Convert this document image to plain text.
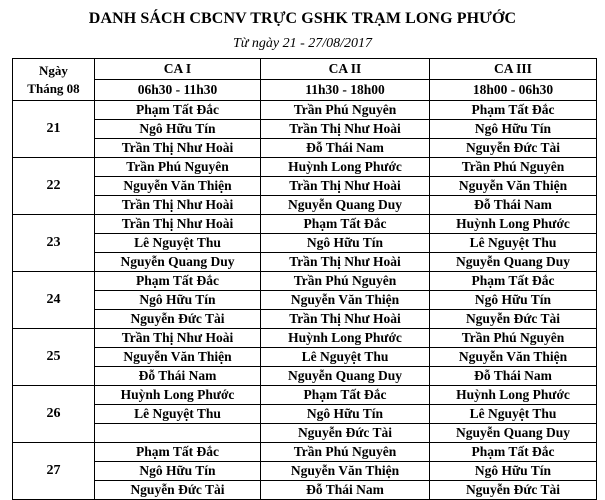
DANH SÁCH CBCNV TRỰC GSHK TRẠM LONG PHƯỚC
Từ ngày 21 - 27/08/2017
Ngày
Tháng 08	CA I	CA II	CA III
	06h30 - 11h30	11h30 - 18h00	18h00 - 06h30
21	Phạm Tất Đắc	Trần Phú Nguyên	Phạm Tất Đắc
	Ngô Hữu Tín	Trần Thị Như Hoài	Ngô Hữu Tín
	Trần Thị Như Hoài	Đỗ Thái Nam	Nguyễn Đức Tài
22	Trần Phú Nguyên	Huỳnh Long Phước	Trần Phú Nguyên
	Nguyễn Văn Thiện	Trần Thị Như Hoài	Nguyễn Văn Thiện
	Trần Thị Như Hoài	Nguyễn Quang Duy	Đỗ Thái Nam
23	Trần Thị Như Hoài	Phạm Tất Đắc	Huỳnh Long Phước
	Lê Nguyệt Thu	Ngô Hữu Tín	Lê Nguyệt Thu
	Nguyễn Quang Duy	Trần Thị Như Hoài	Nguyễn Quang Duy
24	Phạm Tất Đắc	Trần Phú Nguyên	Phạm Tất Đắc
	Ngô Hữu Tín	Nguyễn Văn Thiện	Ngô Hữu Tín
	Nguyễn Đức Tài	Trần Thị Như Hoài	Nguyễn Đức Tài
25	Trần Thị Như Hoài	Huỳnh Long Phước	Trần Phú Nguyên
	Nguyễn Văn Thiện	Lê Nguyệt Thu	Nguyễn Văn Thiện
	Đỗ Thái Nam	Nguyễn Quang Duy	Đỗ Thái Nam
26	Huỳnh Long Phước	Phạm Tất Đắc	Huỳnh Long Phước
	Lê Nguyệt Thu	Ngô Hữu Tín	Lê Nguyệt Thu
		Nguyễn Đức Tài	Nguyễn Quang Duy
27	Phạm Tất Đắc	Trần Phú Nguyên	Phạm Tất Đắc
	Ngô Hữu Tín	Nguyễn Văn Thiện	Ngô Hữu Tín
	Nguyễn Đức Tài	Đỗ Thái Nam	Nguyễn Đức Tài
